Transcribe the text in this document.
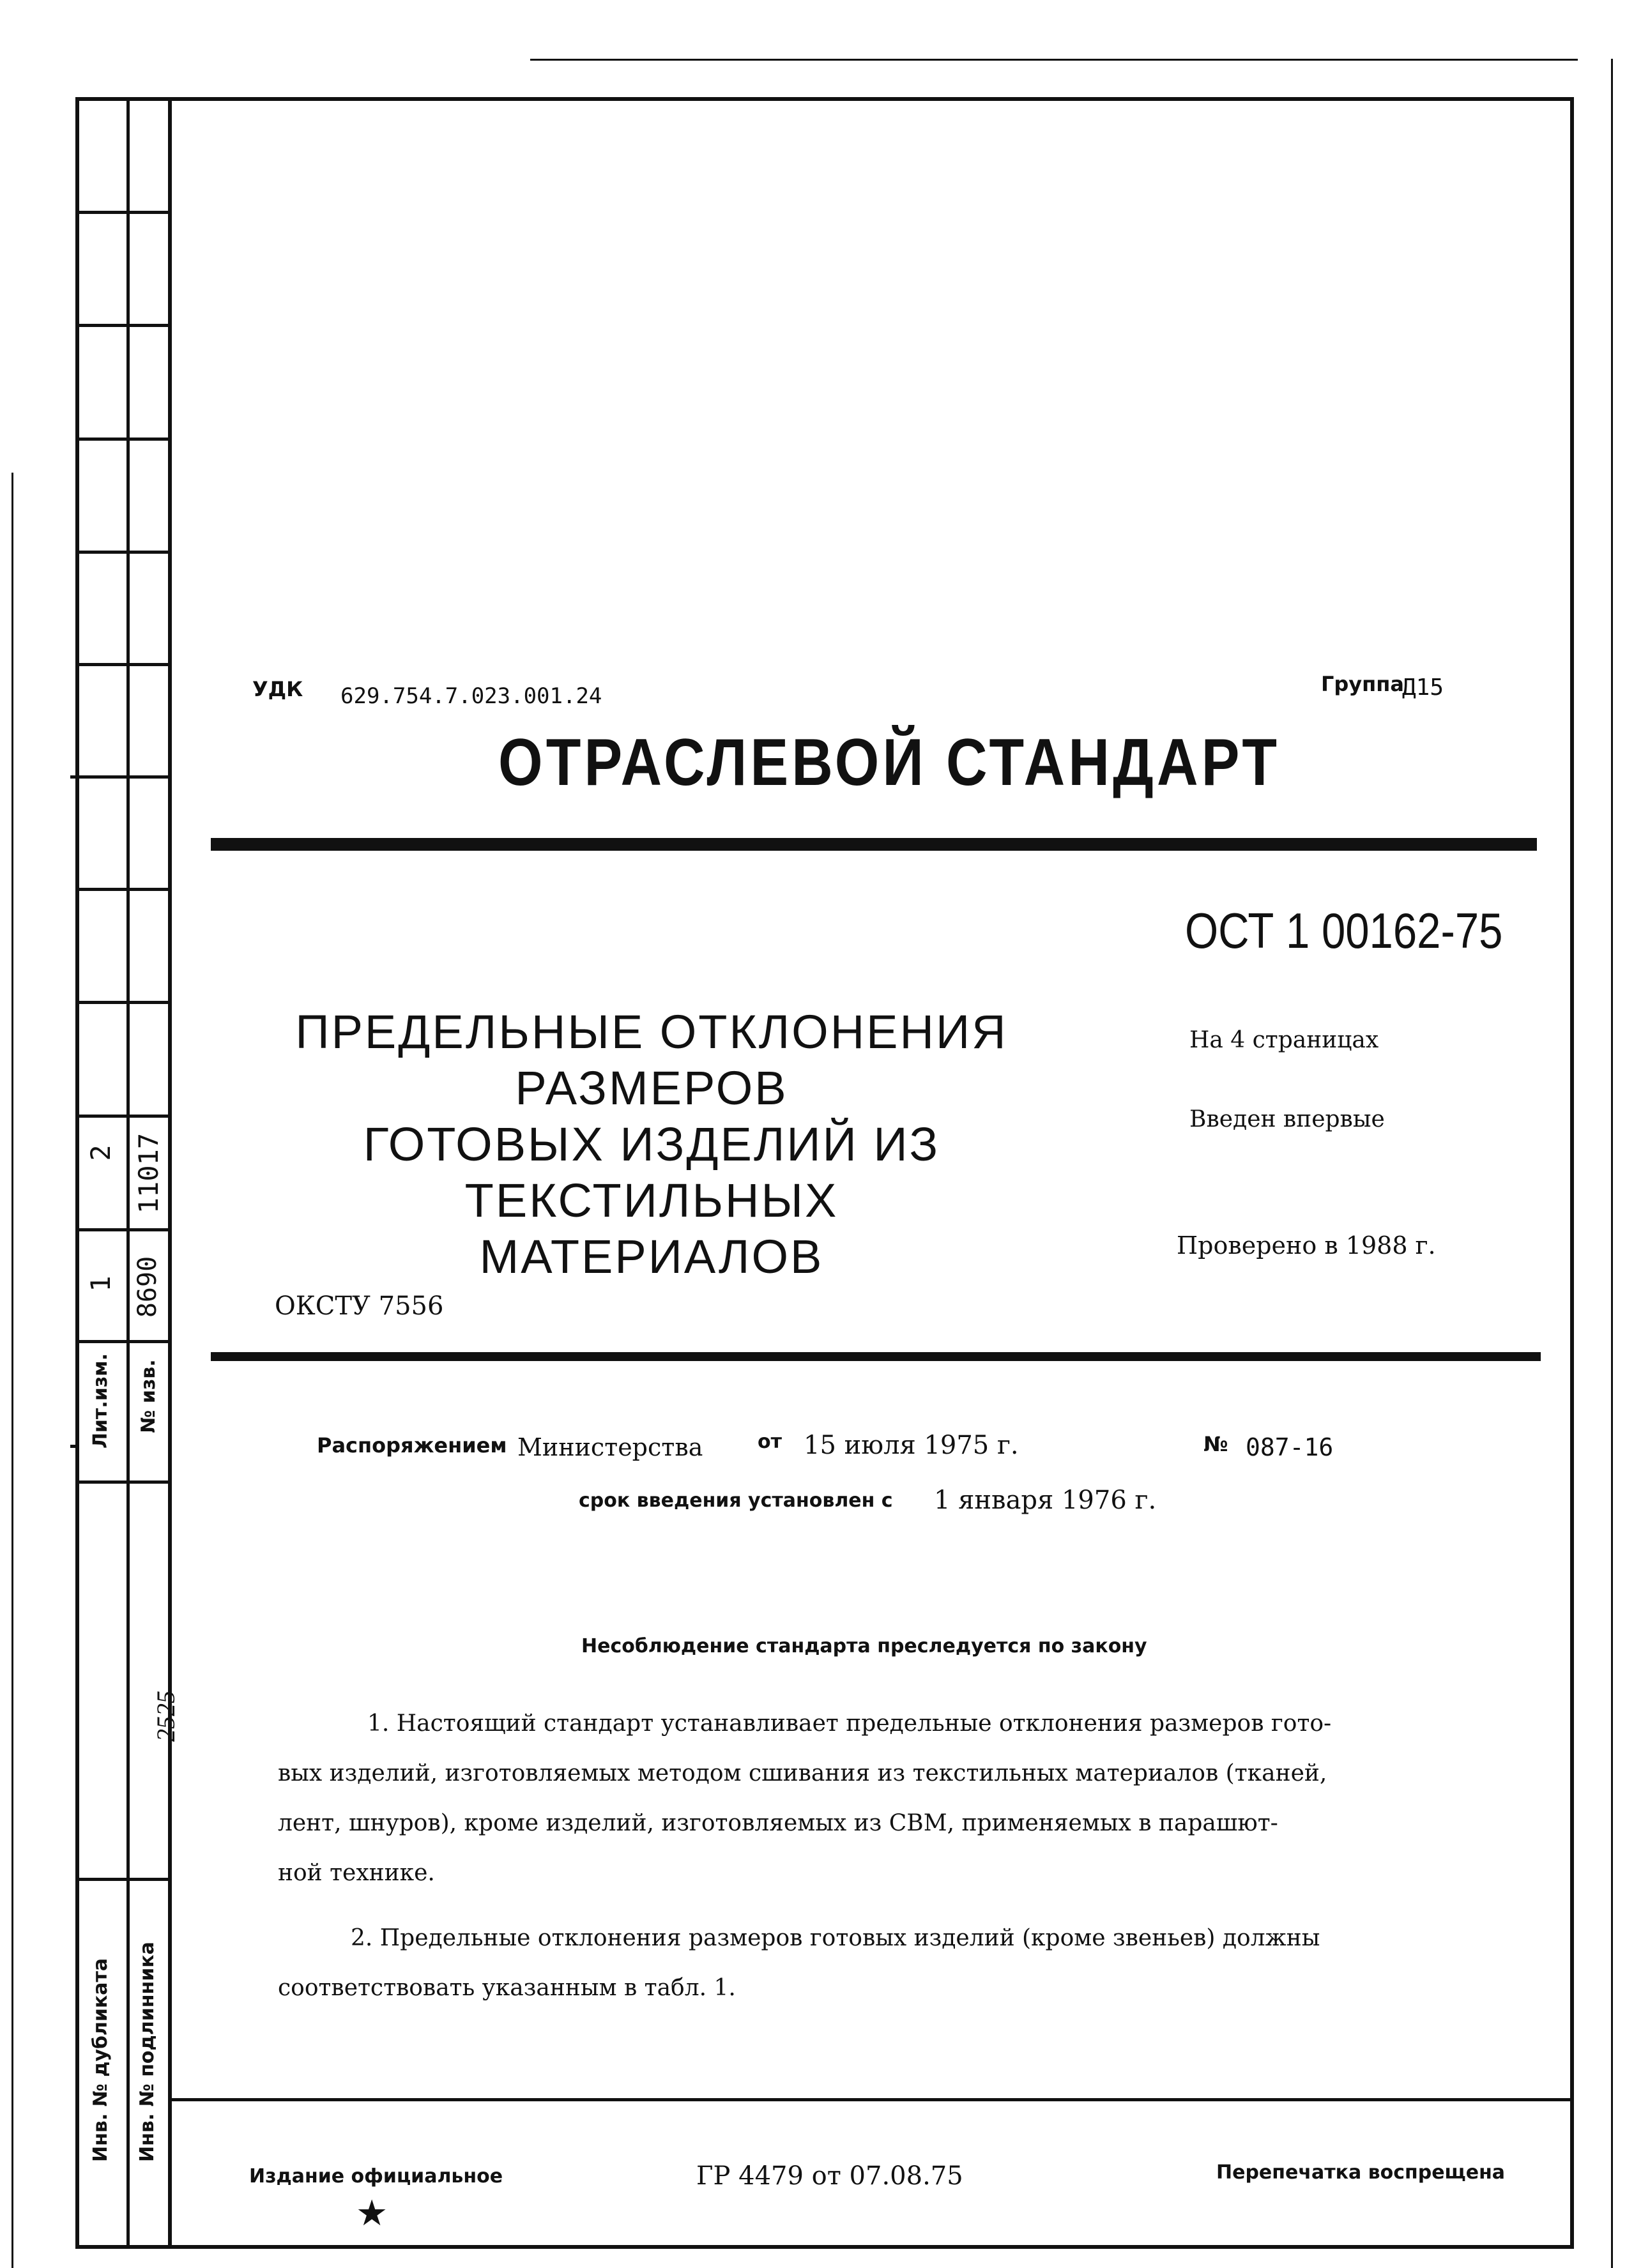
2 11017
1 8690
Лит.изм. № изв.
2525
Инв. № дубликата Инв. № подлинника
УДК 629.754.7.023.001.24	Группа
Д15
ОТРАСЛЕВОЙ СТАНДАРТ
ОСТ 1 00162-75
ПРЕДЕЛЬНЫЕ ОТКЛОНЕНИЯ РАЗМЕРОВ
ГОТОВЫХ ИЗДЕЛИЙ ИЗ ТЕКСТИЛЬНЫХ
МАТЕРИАЛОВ
На 4 страницах
Введен впервые
Проверено в 1988 г.
ОКСТУ 7556
Распоряжением Министерства	от 15 июля 1975 г.	№ 087-16
срок введения установлен с 1 января 1976 г.
Несоблюдение стандарта преследуется по закону

1. Настоящий стандарт устанавливает предельные отклонения размеров гото-

вых изделий, изготовляемых методом сшивания из текстильных материалов (тканей,

лент, шнуров), кроме изделий, изготовляемых из СВМ, применяемых в парашют-

ной технике.

2. Предельные отклонения размеров готовых изделий (кроме звеньев) должны

соответствовать указанным в табл. 1.

Издание официальное
★
ГР 4479 от 07.08.75	Перепечатка воспрещена
